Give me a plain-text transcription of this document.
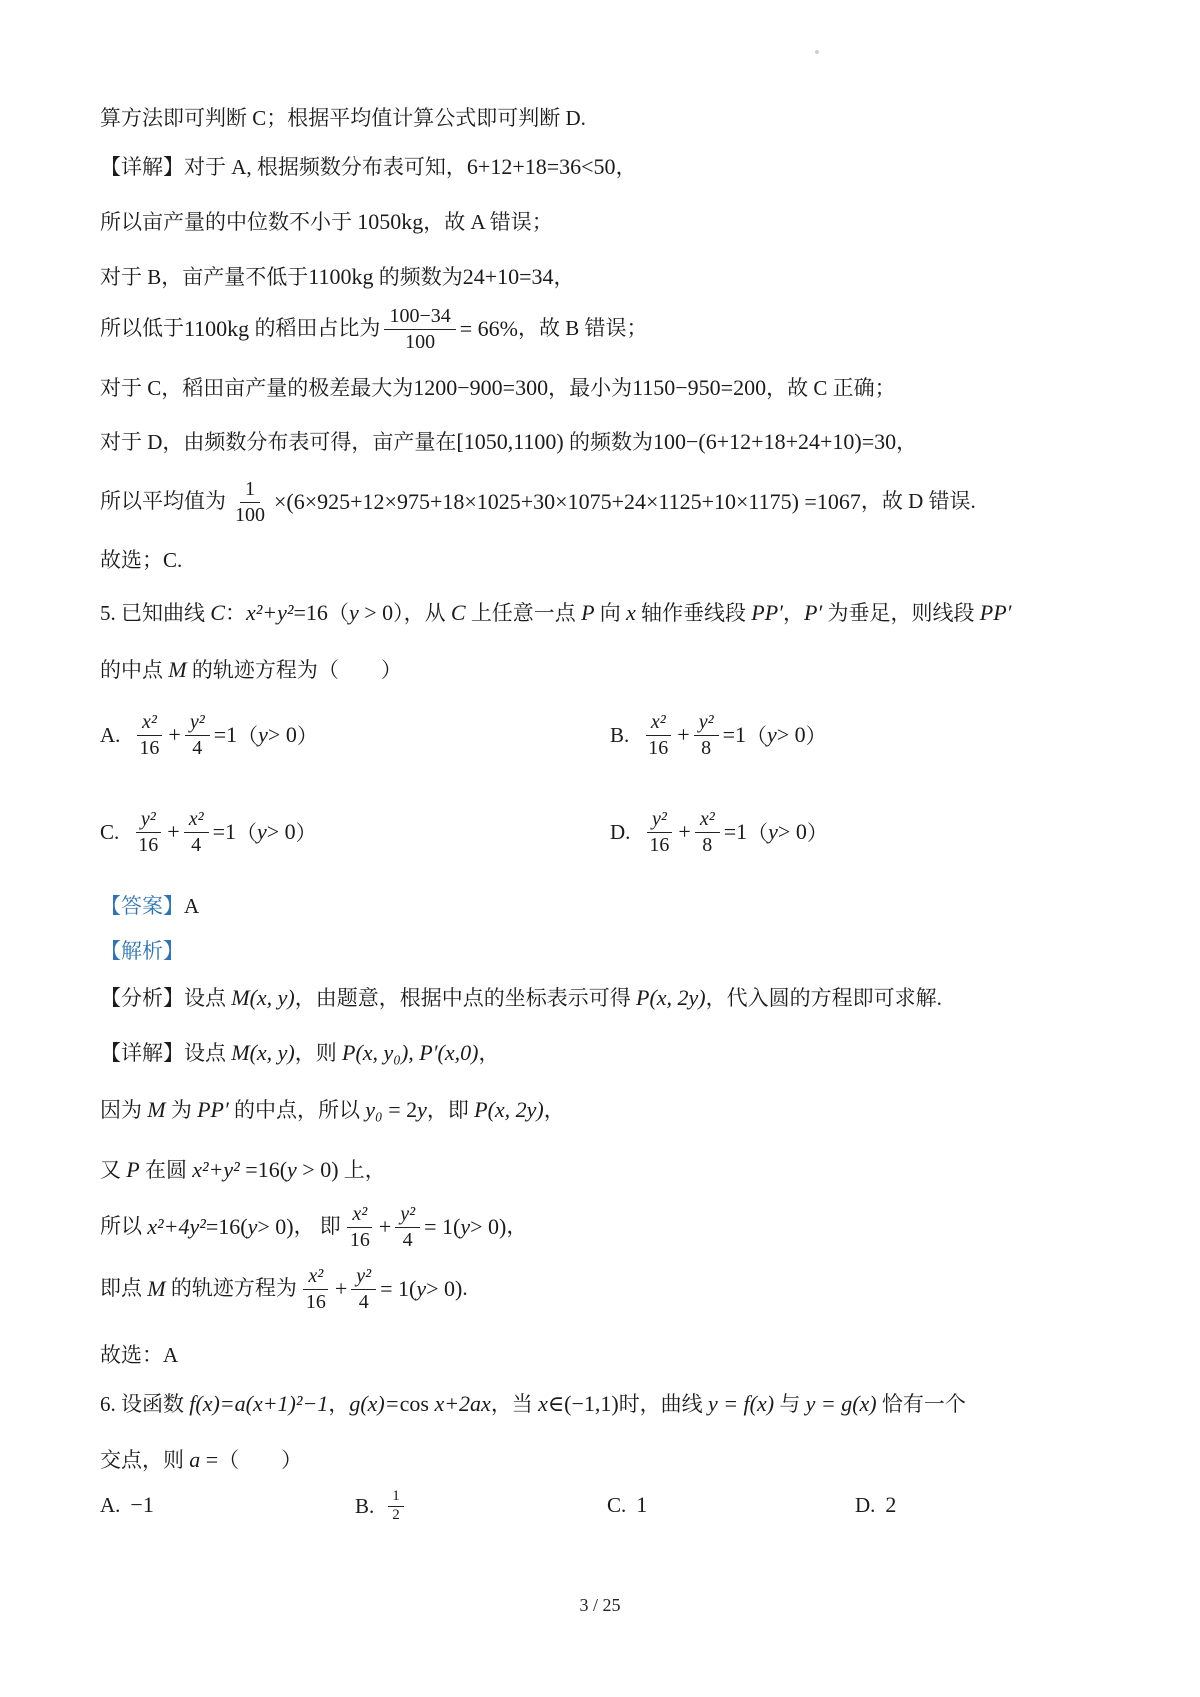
算方法即可判断 C；根据平均值计算公式即可判断 D.
【详解】对于 A, 根据频数分布表可知，6+12+18=36<50，
所以亩产量的中位数不小于 1050kg，故 A 错误；
对于 B，亩产量不低于1100kg 的频数为24+10=34，
所以低于 1100kg 的稻田占比为 $\frac{100-34}{100} = 66\%$ ，故 B 错误；
对于 C，稻田亩产量的极差最大为1200−900=300，最小为1150−950=200，故 C 正确；
对于 D，由频数分布表可得，亩产量在[1050,1100) 的频数为100−(6+12+18+24+10)=30，
所以平均值为 $\frac{1}{100} \times(6\times 925+12\times 975+18\times 1025+30\times 1075+24\times 1125+10\times 1175) =1067$ ，故 D 错误.
故选；C.
5. 已知曲线 C：x²+y²=16（y > 0），从 C 上任意一点 P 向 x 轴作垂线段 PP′，P′ 为垂足，则线段 PP′
的中点 M 的轨迹方程为（　　）
A. $\frac{\text{x²}}{16} + \frac{\text{y²}}{4} =1$ （ y > 0 ）	B. $\frac{\text{x²}}{16} + \frac{\text{y²}}{8} =1$ （ y > 0 ）
C. $\frac{\text{y²}}{16} + \frac{\text{x²}}{4} =1$ （ y > 0 ）	D. $\frac{\text{y²}}{16} + \frac{\text{x²}}{8} =1$ （ y > 0 ）
【答案】A
【解析】
【分析】设点 M(x, y)，由题意，根据中点的坐标表示可得 P(x, 2y)，代入圆的方程即可求解.
【详解】设点 M(x, y)，则 P(x, y₀), P′(x,0)，
因为 M 为 PP′ 的中点，所以 y₀ = 2y，即 P(x, 2y)，
又 P 在圆 x²+y² =16(y > 0) 上，
所以 x²+4y² =16( y > 0) ， 即 $\frac{\text{x²}}{16} + \frac{\text{y²}}{4} = 1$( y > 0) ，
即点 M 的轨迹方程为 $\frac{\text{x²}}{16} + \frac{\text{y²}}{4} = 1$( y > 0) .
故选：A
6. 设函数 f(x)=a(x+1)²−1，g(x)=cos x+2ax，当 x∈(−1,1)时，曲线 y = f(x) 与 y = g(x) 恰有一个
交点，则 a =（　　）
A. −1	B. $\frac{1}{2}$	C. 1	D. 2
3 / 25
